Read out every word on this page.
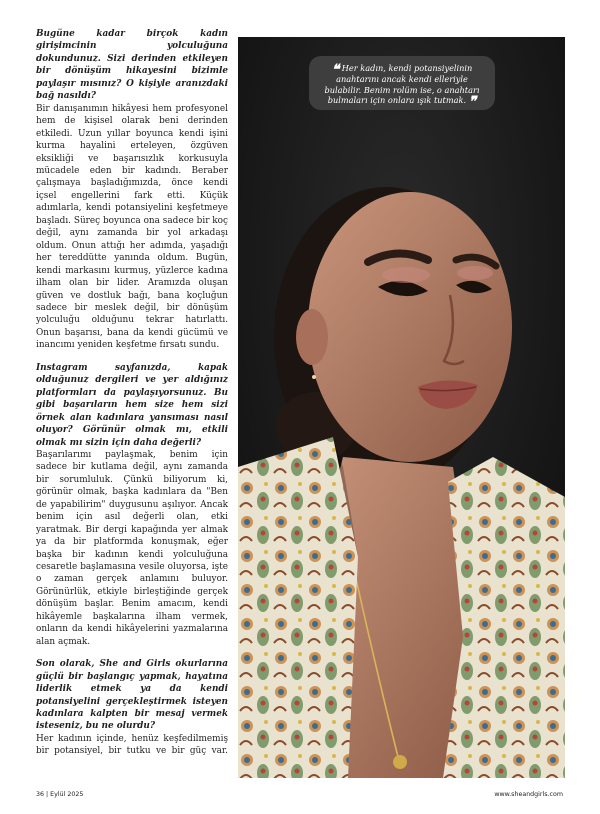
Bugüne kadar birçok kadın girişimcinin yolculuğuna dokundunuz. Sizi derinden etkileyen bir dönüşüm hikayesini bizimle paylaşır mısınız? O kişiyle aranızdaki bağ nasıldı?

Bir danışanımın hikâyesi hem profesyonel hem de kişisel olarak beni derinden etkiledi. Uzun yıllar boyunca kendi işini kurma hayalini erteleyen, özgüven eksikliği ve başarısızlık korkusuyla mücadele eden bir kadındı. Beraber çalışmaya başladığımızda, önce kendi içsel engellerini fark etti. Küçük adımlarla, kendi potansiyelini keşfetmeye başladı. Süreç boyunca ona sadece bir koç değil, aynı zamanda bir yol arkadaşı oldum. Onun attığı her adımda, yaşadığı her tereddütte yanında oldum. Bugün, kendi markasını kurmuş, yüzlerce kadına ilham olan bir lider. Aramızda oluşan güven ve dostluk bağı, bana koçluğun sadece bir meslek değil, bir dönüşüm yolculuğu olduğunu tekrar hatırlattı. Onun başarısı, bana da kendi gücümü ve inancımı yeniden keşfetme fırsatı sundu.

Instagram sayfanızda, kapak olduğunuz dergileri ve yer aldığınız platformları da paylaşıyorsunuz. Bu gibi başarıların hem size hem sizi örnek alan kadınlara yansıması nasıl oluyor? Görünür olmak mı, etkili olmak mı sizin için daha değerli?

Başarılarımı paylaşmak, benim için sadece bir kutlama değil, aynı zamanda bir sorumluluk. Çünkü biliyorum ki, görünür olmak, başka kadınlara da "Ben de yapabilirim" duygusunu aşılıyor. Ancak benim için asıl değerli olan, etki yaratmak. Bir dergi kapağında yer almak ya da bir platformda konuşmak, eğer başka bir kadının kendi yolculuğuna cesaretle başlamasına vesile oluyorsa, işte o zaman gerçek anlamını buluyor. Görünürlük, etkiyle birleştiğinde gerçek dönüşüm başlar. Benim amacım, kendi hikâyemle başkalarına ilham vermek, onların da kendi hikâyelerini yazmalarına alan açmak.

Son olarak, She and Girls okurlarına güçlü bir başlangıç yapmak, hayatına liderlik etmek ya da kendi potansiyelini gerçekleştirmek isteyen kadınlara kalpten bir mesaj vermek isteseniz, bu ne olurdu?

Her kadının içinde, henüz keşfedilmemiş bir potansiyel, bir tutku ve bir güç var.

❝ Her kadın, kendi potansiyelinin anahtarını ancak kendi elleriyle bulabilir. Benim rolüm ise, o anahtarı bulmaları için onlara ışık tutmak. ❞
36 | Eylül 2025	www.sheandgirls.com
